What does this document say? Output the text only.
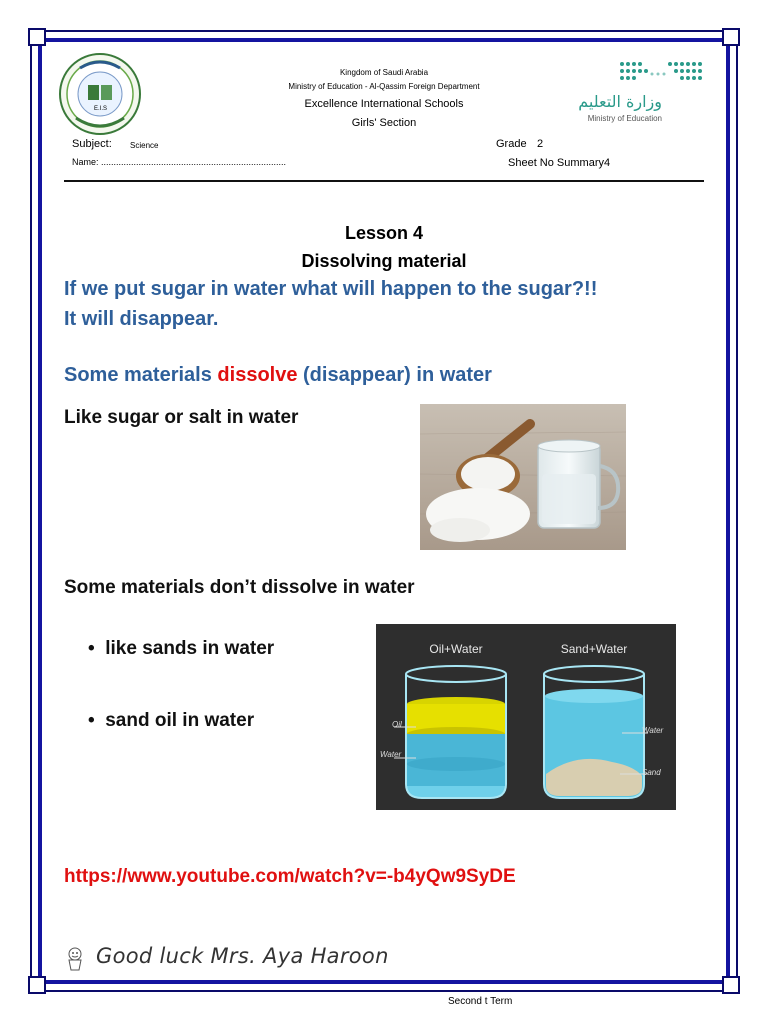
E.I.S
Kingdom of Saudi Arabia
Ministry of Education - Al-Qassim Foreign Department
Excellence International Schools
Girls' Section
وزارة التعليم
Ministry of Education
Subject: Science
Name: ..........................................................................
Grade 2
Sheet No Summary4
Lesson 4
Dissolving material
If we put sugar in water what will happen to the sugar?!!
It will disappear.
Some materials dissolve (disappear) in water
Like sugar or salt in water
Some materials don’t dissolve in water
•  like sands in water
•  sand oil in water
Oil+Water	Sand+Water
Oil
Water
Water
Sand
https://www.youtube.com/watch?v=-b4yQw9SyDE
Good luck Mrs. Aya Haroon
Second t Term
